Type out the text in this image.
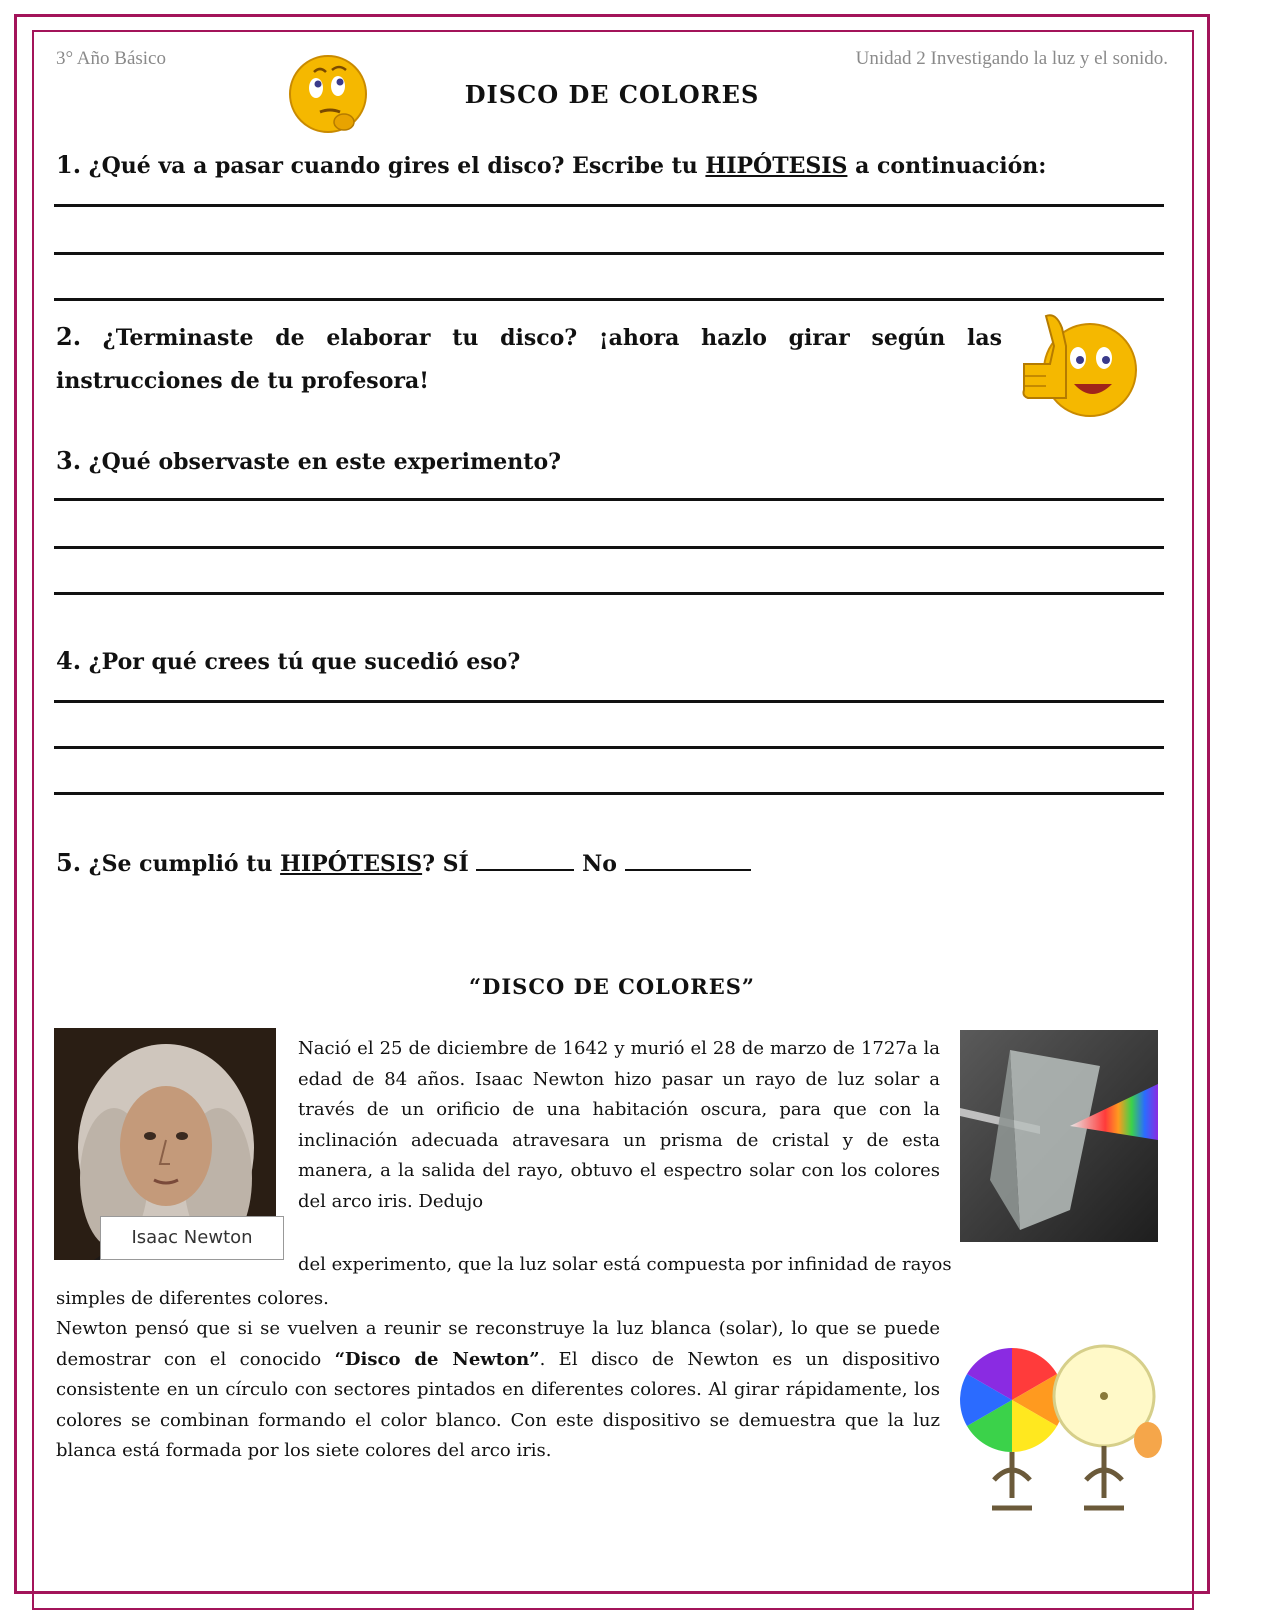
3° Año Básico	Unidad 2 Investigando la luz y el sonido.
DISCO DE COLORES
1. ¿Qué va a pasar cuando gires el disco? Escribe tu HIPÓTESIS a continuación:
2. ¿Terminaste de elaborar tu disco? ¡ahora hazlo girar según las
instrucciones de tu profesora!
3. ¿Qué observaste en este experimento?
4. ¿Por qué crees tú que sucedió eso?
5. ¿Se cumplió tu HIPÓTESIS? SÍ	No
“DISCO DE COLORES”
Isaac Newton
Nació el 25 de diciembre de 1642 y murió el 28 de marzo de 1727a la edad de 84 años. Isaac Newton hizo pasar un rayo de luz solar a través de un orificio de una habitación oscura, para que con la inclinación adecuada atravesara un prisma de cristal y de esta manera, a la salida del rayo, obtuvo el espectro solar con los colores del arco iris. Dedujo
del experimento, que la luz solar está compuesta por infinidad de rayos
simples de diferentes colores.
Newton pensó que si se vuelven a reunir se reconstruye la luz blanca (solar), lo que se puede demostrar con el conocido “Disco de Newton”. El disco de Newton es un dispositivo consistente en un círculo con sectores pintados en diferentes colores. Al girar rápidamente, los colores se combinan formando el color blanco. Con este dispositivo se demuestra que la luz blanca está formada por los siete colores del arco iris.
